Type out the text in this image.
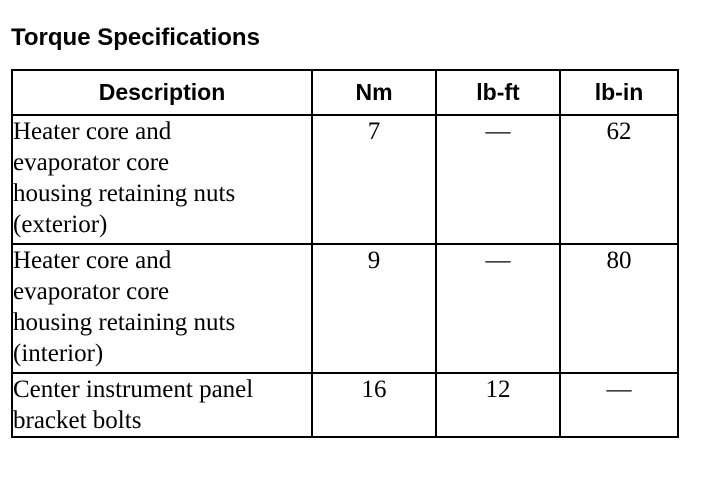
Torque Specifications
Description	Nm	lb-ft	lb-in

Heater core and
evaporator core
housing retaining nuts
(exterior)	7	—	62

Heater core and
evaporator core
housing retaining nuts
(interior)	9	—	80

Center instrument panel
bracket bolts	16	12	—
